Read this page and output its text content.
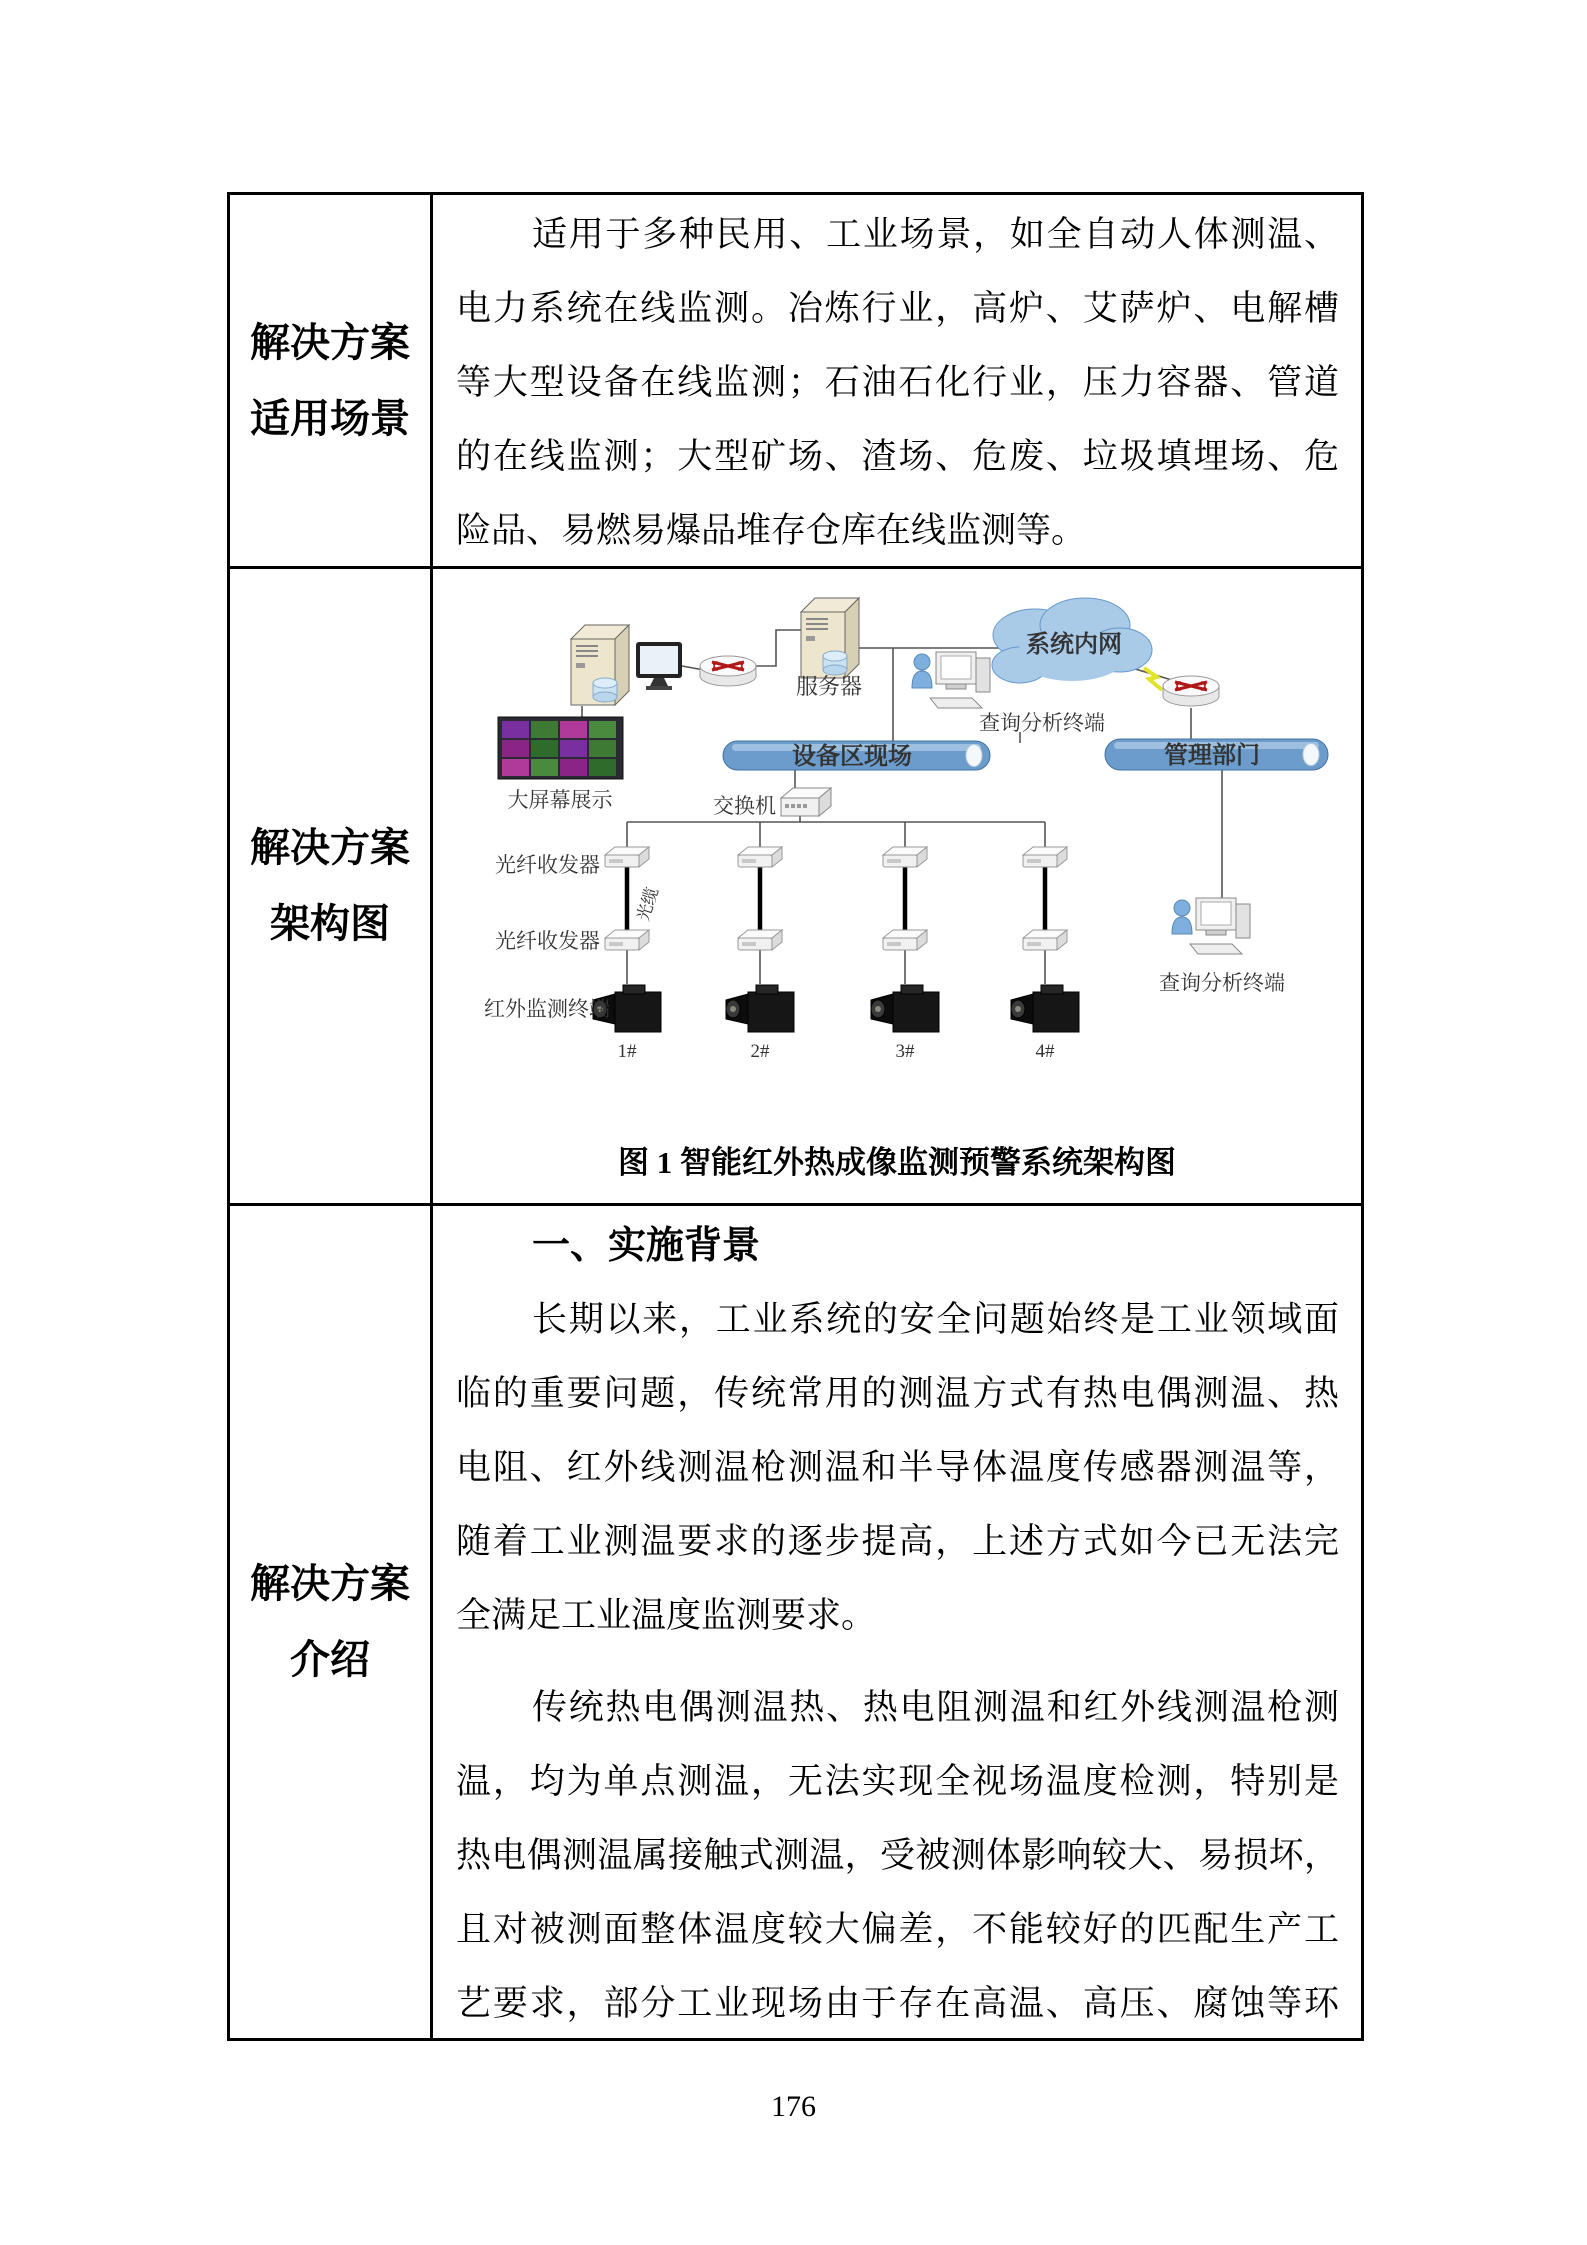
解决方案
适用场景
适用于多种民用、工业场景，如全自动人体测温、
电力系统在线监测。冶炼行业，高炉、艾萨炉、电解槽
等大型设备在线监测；石油石化行业，压力容器、管道
的在线监测；大型矿场、渣场、危废、垃圾填埋场、危
险品、易燃易爆品堆存仓库在线监测等。
解决方案
架构图
系统内网
设备区现场	管理部门
服务器
查询分析终端
查询分析终端
大屏幕展示	交换机
光纤收发器
光纤收发器
光缆
红外监测终端
1#	2#	3#	4#
图 1 智能红外热成像监测预警系统架构图
解决方案
介绍
一、实施背景
长期以来，工业系统的安全问题始终是工业领域面
临的重要问题，传统常用的测温方式有热电偶测温、热
电阻、红外线测温枪测温和半导体温度传感器测温等，
随着工业测温要求的逐步提高，上述方式如今已无法完
全满足工业温度监测要求。
传统热电偶测温热、热电阻测温和红外线测温枪测
温，均为单点测温，无法实现全视场温度检测，特别是
热电偶测温属接触式测温，受被测体影响较大、易损坏，
且对被测面整体温度较大偏差，不能较好的匹配生产工
艺要求，部分工业现场由于存在高温、高压、腐蚀等环
176
